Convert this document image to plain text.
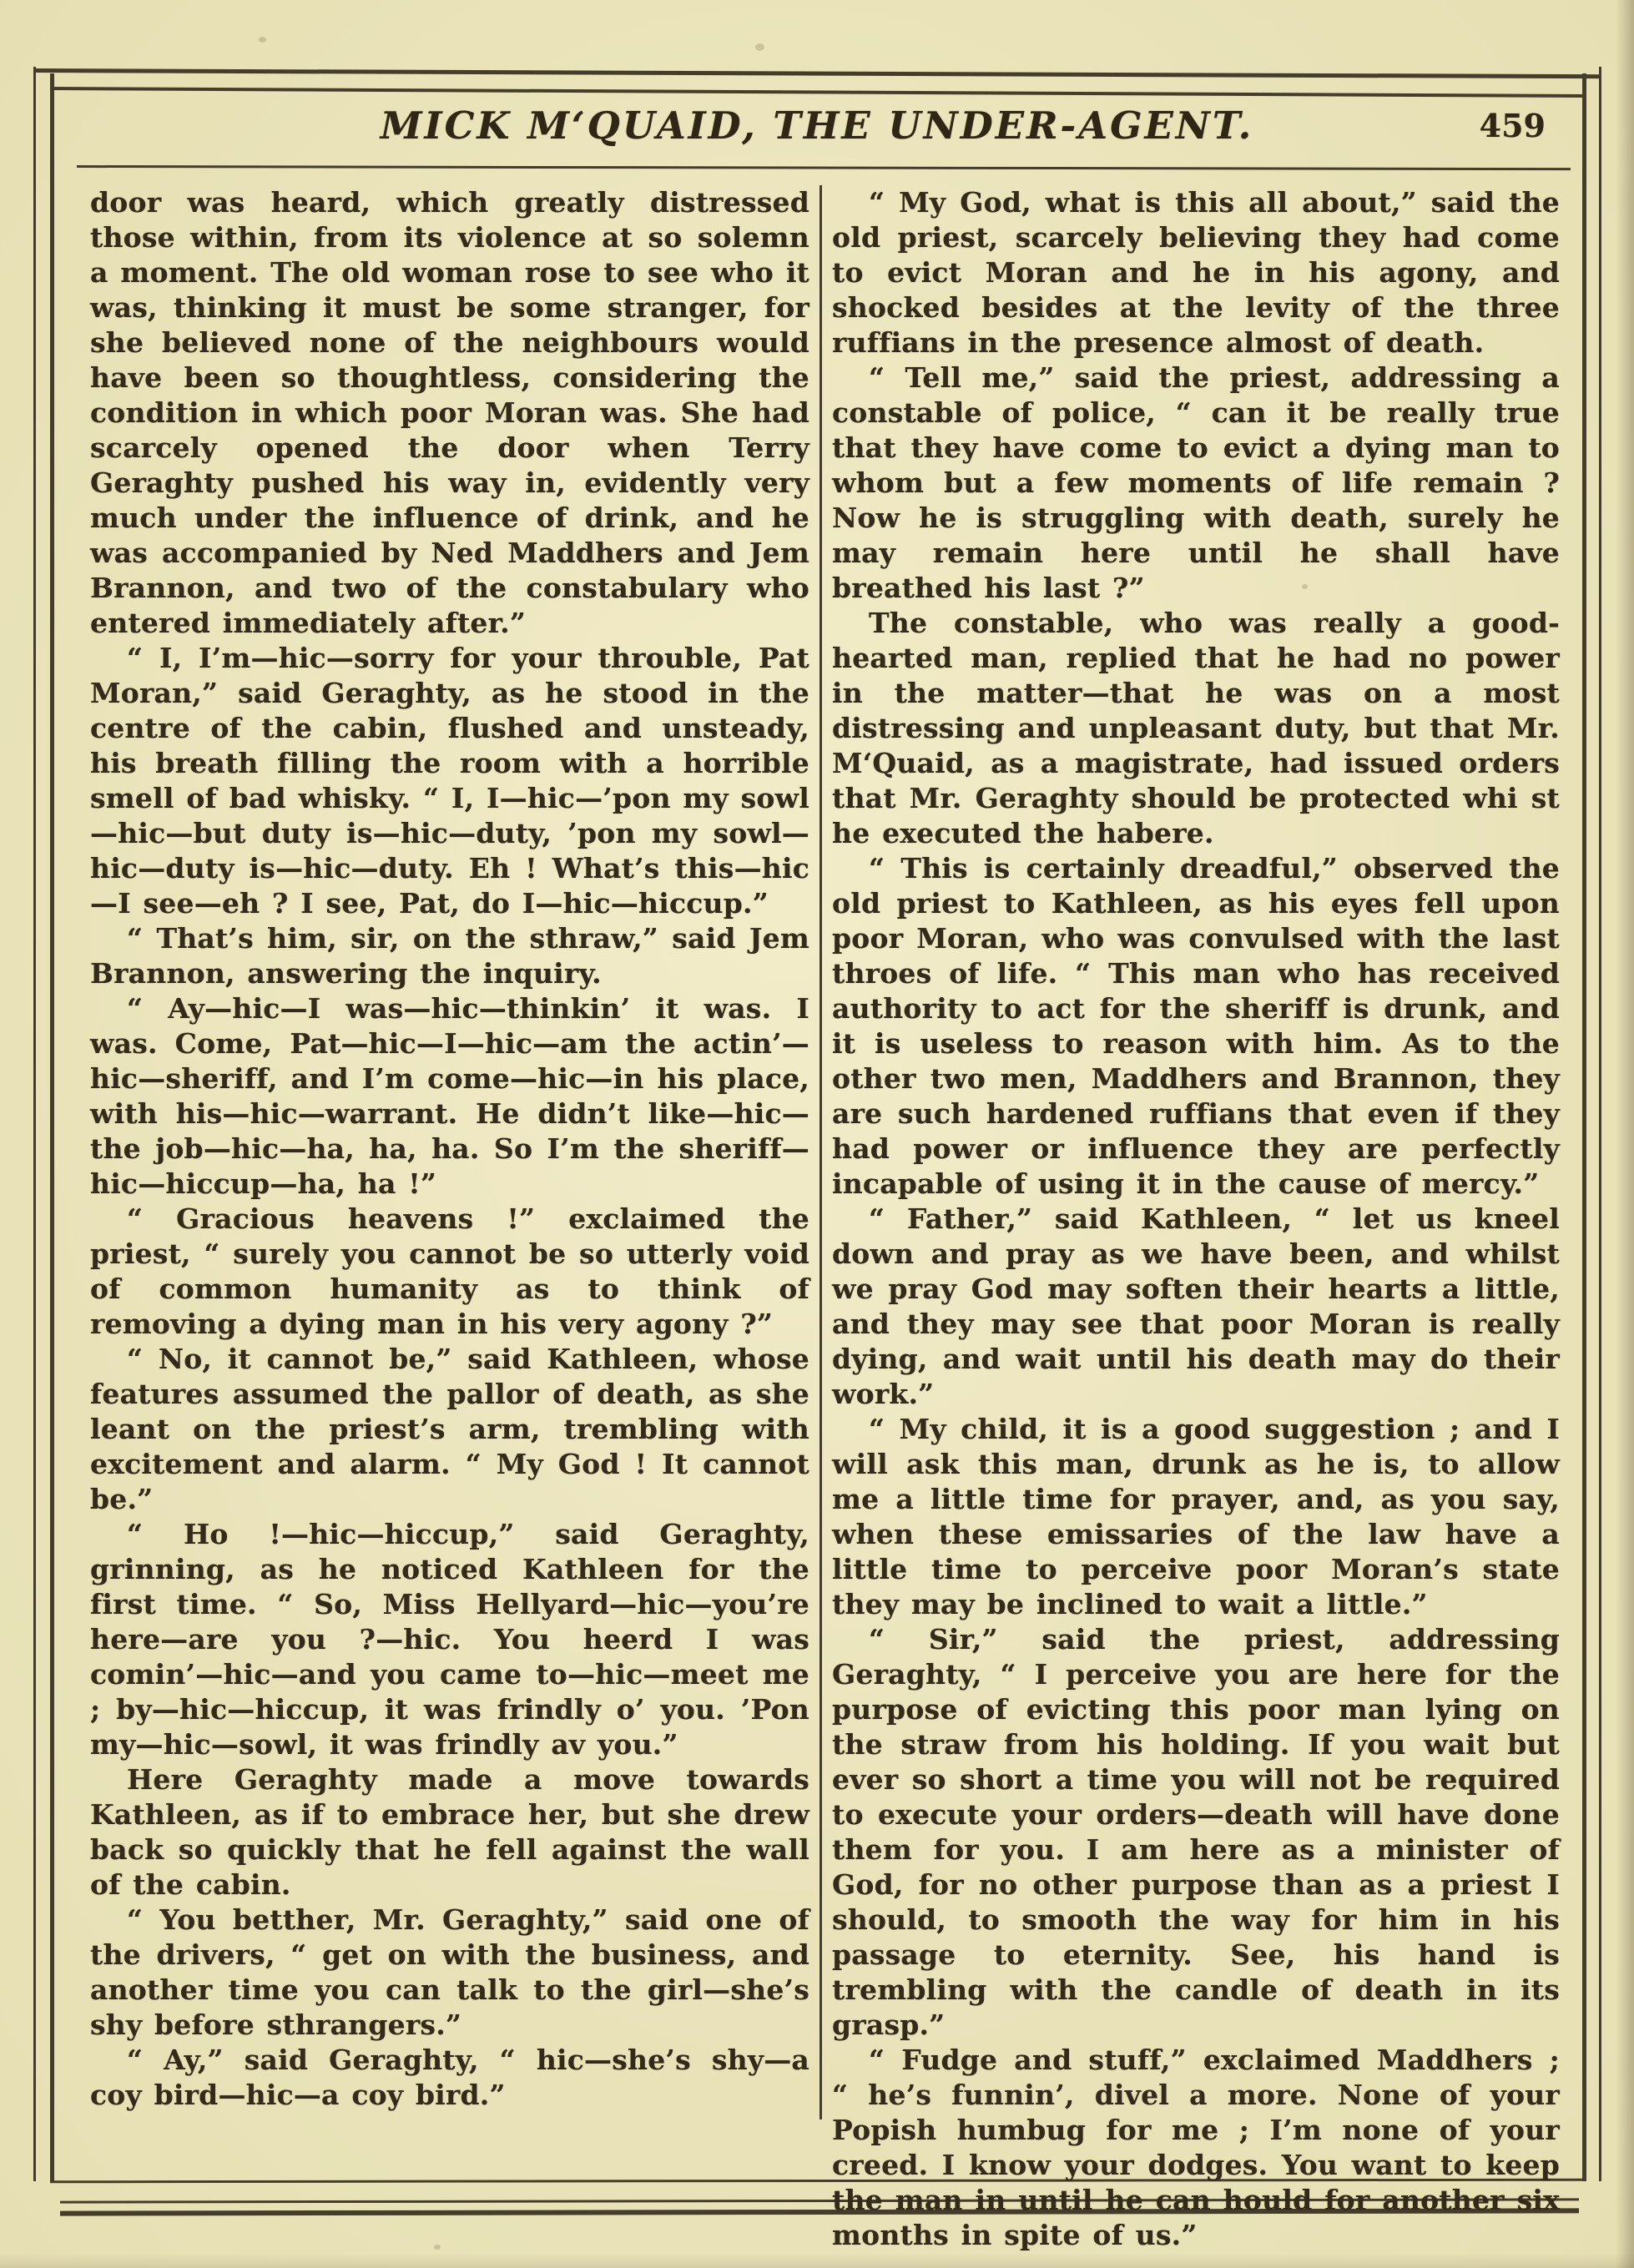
MICK M‘QUAID, THE UNDER-AGENT.	459

door was heard, which greatly distressed those within, from its violence at so solemn a moment. The old woman rose to see who it was, thinking it must be some stranger, for she believed none of the neighbours would have been so thoughtless, considering the condition in which poor Moran was. She had scarcely opened the door when Terry Geraghty pushed his way in, evidently very much under the influence of drink, and he was accompanied by Ned Maddhers and Jem Brannon, and two of the constabulary who entered immediately after.”

“ I, I’m—hic—sorry for your throuble, Pat Moran,” said Geraghty, as he stood in the centre of the cabin, flushed and unsteady, his breath filling the room with a horrible smell of bad whisky. “ I, I—hic—’pon my sowl—hic—but duty is—hic—duty, ’pon my sowl—hic—duty is—hic—duty. Eh ! What’s this—hic—I see—eh ? I see, Pat, do I—hic—hiccup.”

“ That’s him, sir, on the sthraw,” said Jem Brannon, answering the inquiry.

“ Ay—hic—I was—hic—thinkin’ it was. I was. Come, Pat—hic—I—hic—am the actin’—hic—sheriff, and I’m come—hic—in his place, with his—hic—warrant. He didn’t like—hic—the job—hic—ha, ha, ha. So I’m the sheriff—hic—hiccup—ha, ha !”

“ Gracious heavens !” exclaimed the priest, “ surely you cannot be so utterly void of common humanity as to think of removing a dying man in his very agony ?”

“ No, it cannot be,” said Kathleen, whose features assumed the pallor of death, as she leant on the priest’s arm, trembling with excitement and alarm. “ My God ! It cannot be.”

“ Ho !—hic—hiccup,” said Geraghty, grinning, as he noticed Kathleen for the first time. “ So, Miss Hellyard—hic—you’re here—are you ?—hic. You heerd I was comin’—hic—and you came to—hic—meet me ; by—hic—hiccup, it was frindly o’ you. ’Pon my—hic—sowl, it was frindly av you.”

Here Geraghty made a move towards Kathleen, as if to embrace her, but she drew back so quickly that he fell against the wall of the cabin.

“ You betther, Mr. Geraghty,” said one of the drivers, “ get on with the business, and another time you can talk to the girl—she’s shy before sthrangers.”

“ Ay,” said Geraghty, “ hic—she’s shy—a coy bird—hic—a coy bird.”

“ My God, what is this all about,” said the old priest, scarcely believing they had come to evict Moran and he in his agony, and shocked besides at the levity of the three ruffians in the presence almost of death.

“ Tell me,” said the priest, addressing a constable of police, “ can it be really true that they have come to evict a dying man to whom but a few moments of life remain ? Now he is struggling with death, surely he may remain here until he shall have breathed his last ?”

The constable, who was really a good-hearted man, replied that he had no power in the matter—that he was on a most distressing and unpleasant duty, but that Mr. M‘Quaid, as a magistrate, had issued orders that Mr. Geraghty should be protected whi st he executed the habere.

“ This is certainly dreadful,” observed the old priest to Kathleen, as his eyes fell upon poor Moran, who was convulsed with the last throes of life. “ This man who has received authority to act for the sheriff is drunk, and it is useless to reason with him. As to the other two men, Maddhers and Brannon, they are such hardened ruffians that even if they had power or influence they are perfectly incapable of using it in the cause of mercy.”

“ Father,” said Kathleen, “ let us kneel down and pray as we have been, and whilst we pray God may soften their hearts a little, and they may see that poor Moran is really dying, and wait until his death may do their work.”

“ My child, it is a good suggestion ; and I will ask this man, drunk as he is, to allow me a little time for prayer, and, as you say, when these emissaries of the law have a little time to perceive poor Moran’s state they may be inclined to wait a little.”

“ Sir,” said the priest, addressing Geraghty, “ I perceive you are here for the purpose of evicting this poor man lying on the straw from his holding. If you wait but ever so short a time you will not be required to execute your orders—death will have done them for you. I am here as a minister of God, for no other purpose than as a priest I should, to smooth the way for him in his passage to eternity. See, his hand is trembling with the candle of death in its grasp.”

“ Fudge and stuff,” exclaimed Maddhers ; “ he’s funnin’, divel a more. None of your Popish humbug for me ; I’m none of your creed. I know your dodges. You want to keep the man in until he can hould for another six months in spite of us.”
